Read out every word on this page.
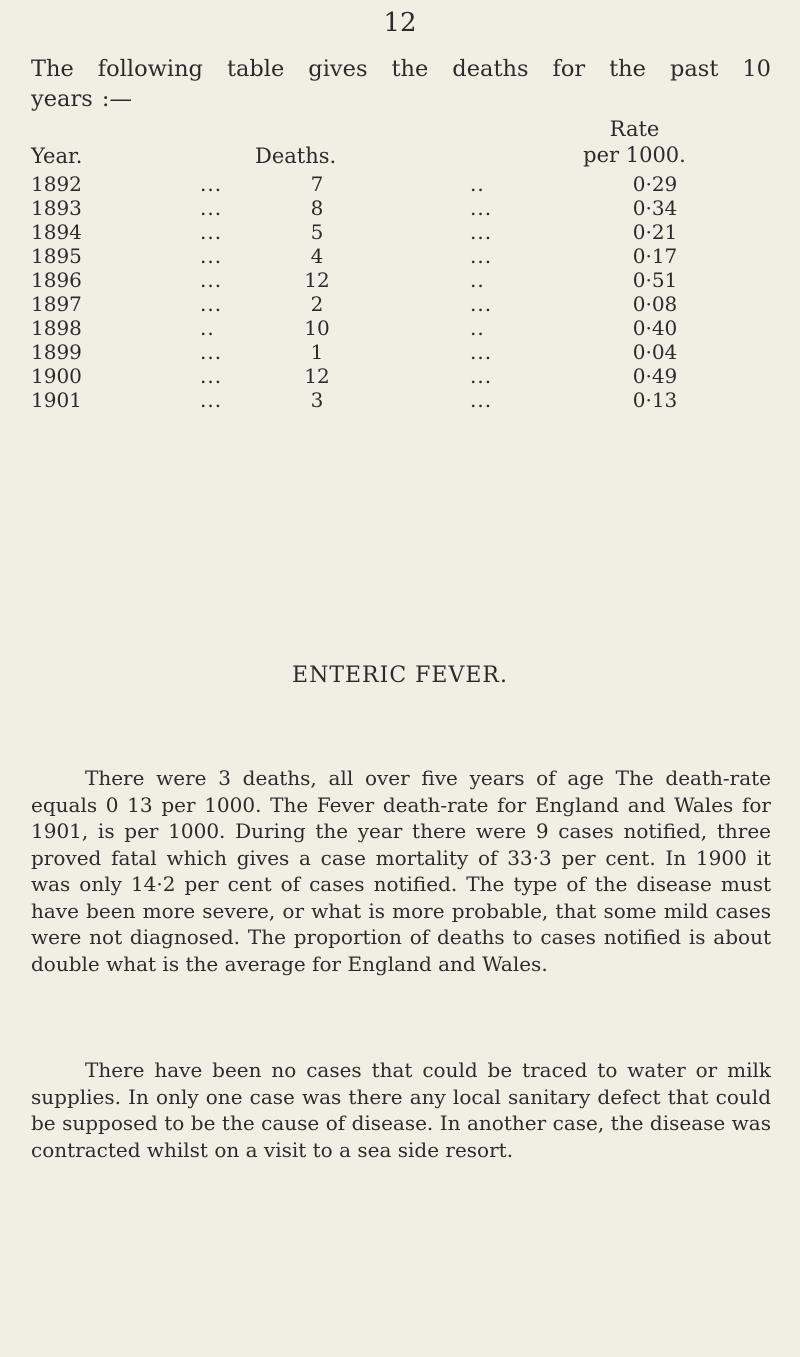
12
The following table gives the deaths for the past 10
years :—
Year.	Deaths.
Rate
per 1000.
1892	...	7	..	0·29
1893	...	8	...	0·34
1894	...	5	...	0·21
1895	...	4	...	0·17
1896	...	12	..	0·51
1897	...	2	...	0·08
1898	..	10	..	0·40
1899	...	1	...	0·04
1900	...	12	...	0·49
1901	...	3	...	0·13
ENTERIC FEVER.

There were 3 deaths, all over five years of age The death-rate equals 0 13 per 1000. The Fever death-rate for England and Wales for 1901, is per 1000. During the year there were 9 cases notified, three proved fatal which gives a case mortality of 33·3 per cent. In 1900 it was only 14·2 per cent of cases notified. The type of the disease must have been more severe, or what is more probable, that some mild cases were not diagnosed. The proportion of deaths to cases notified is about double what is the average for England and Wales.

There have been no cases that could be traced to water or milk supplies. In only one case was there any local sanitary defect that could be supposed to be the cause of disease. In another case, the disease was contracted whilst on a visit to a sea side resort.
